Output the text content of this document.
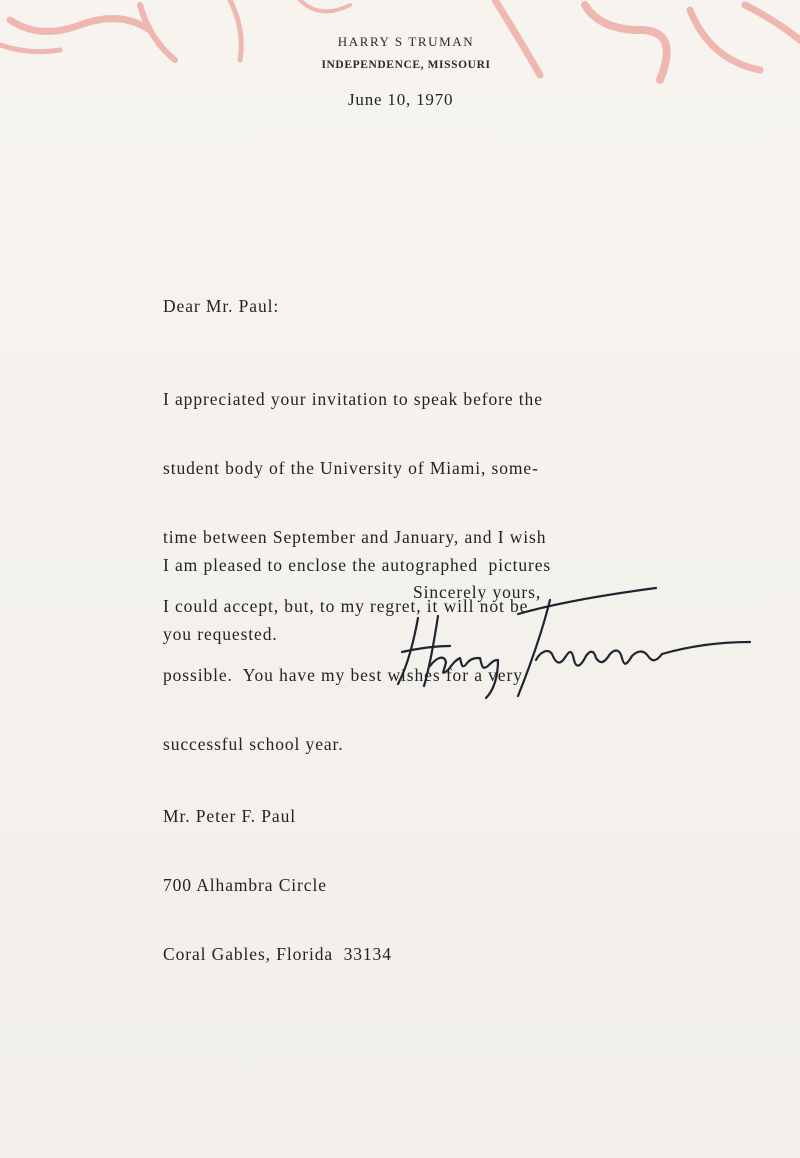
HARRY S TRUMAN
INDEPENDENCE, MISSOURI
June 10, 1970
Dear Mr. Paul:

I appreciated your invitation to speak before the

student body of the University of Miami, some-

time between September and January, and I wish

I could accept, but, to my regret, it will not be

possible.  You have my best wishes for a very

successful school year.

I am pleased to enclose the autographed  pictures

you requested.

Sincerely yours,

Mr. Peter F. Paul

700 Alhambra Circle

Coral Gables, Florida  33134
